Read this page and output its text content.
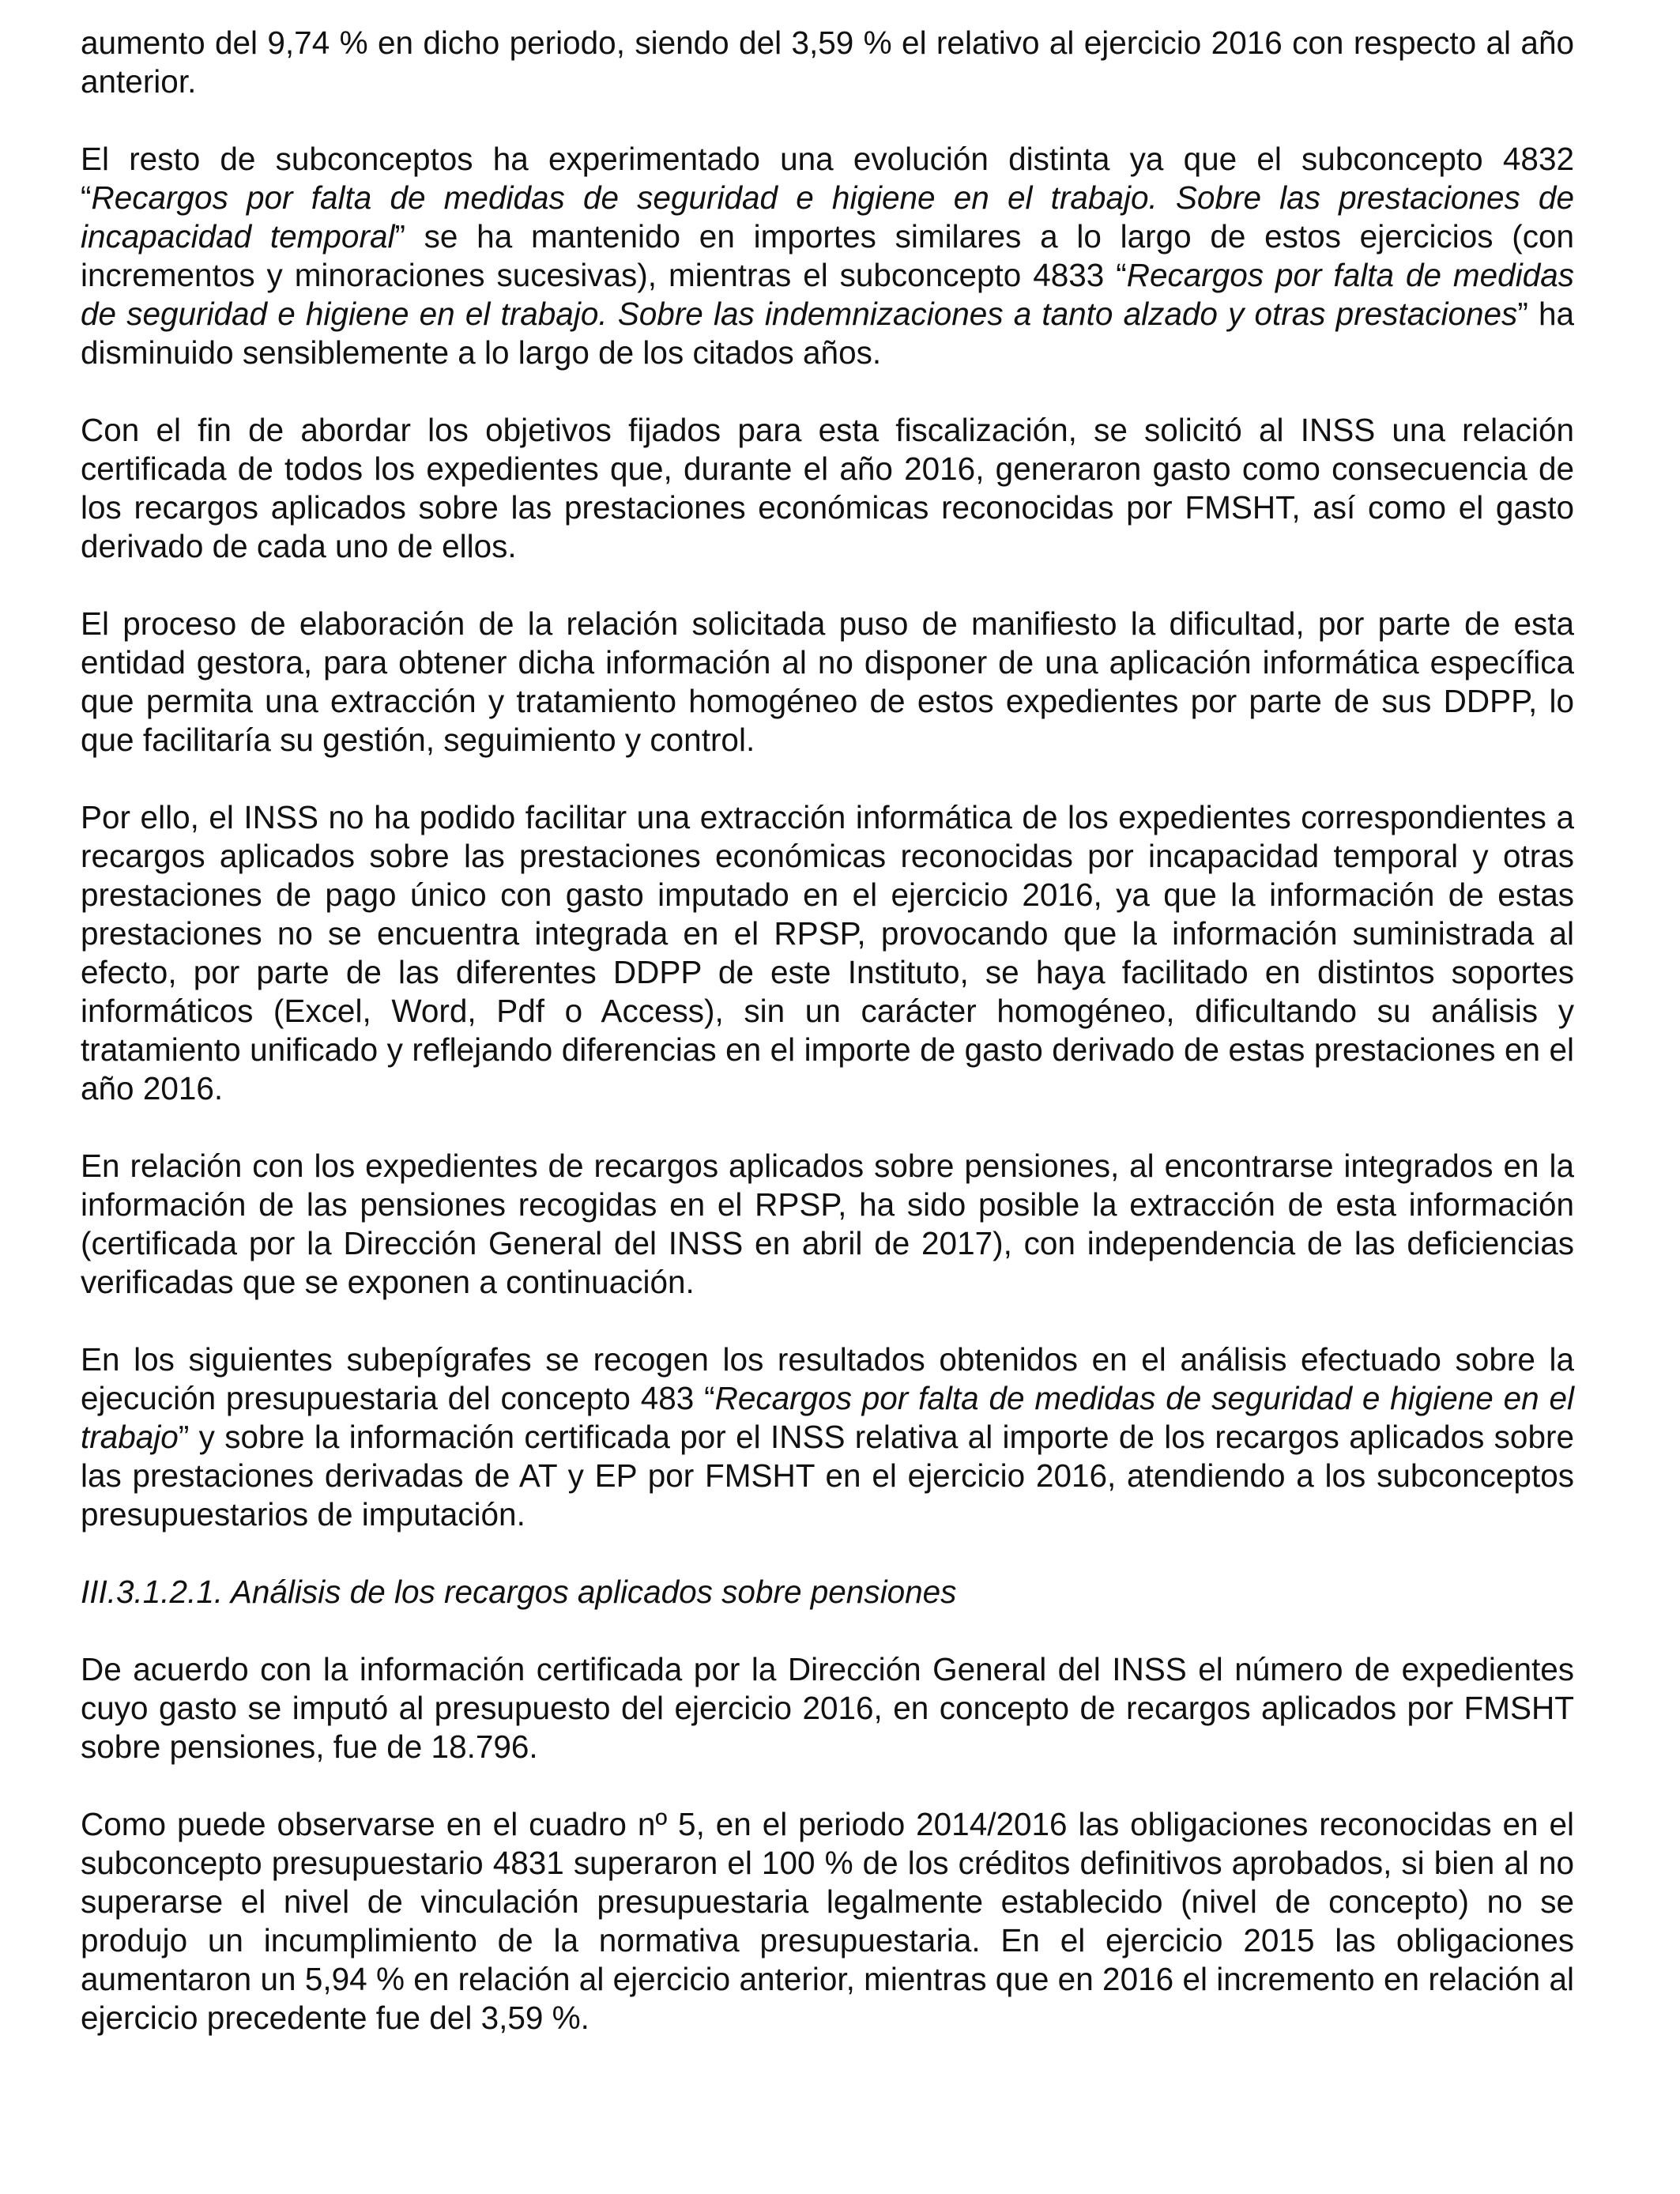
aumento del 9,74 % en dicho periodo, siendo del 3,59 % el relativo al ejercicio 2016 con respecto al año anterior.

El resto de subconceptos ha experimentado una evolución distinta ya que el subconcepto 4832 “Recargos por falta de medidas de seguridad e higiene en el trabajo. Sobre las prestaciones de incapacidad temporal” se ha mantenido en importes similares a lo largo de estos ejercicios (con incrementos y minoraciones sucesivas), mientras el subconcepto 4833 “Recargos por falta de medidas de seguridad e higiene en el trabajo. Sobre las indemnizaciones a tanto alzado y otras prestaciones” ha disminuido sensiblemente a lo largo de los citados años.

Con el fin de abordar los objetivos fijados para esta fiscalización, se solicitó al INSS una relación certificada de todos los expedientes que, durante el año 2016, generaron gasto como consecuencia de los recargos aplicados sobre las prestaciones económicas reconocidas por FMSHT, así como el gasto derivado de cada uno de ellos.

El proceso de elaboración de la relación solicitada puso de manifiesto la dificultad, por parte de esta entidad gestora, para obtener dicha información al no disponer de una aplicación informática específica que permita una extracción y tratamiento homogéneo de estos expedientes por parte de sus DDPP, lo que facilitaría su gestión, seguimiento y control.

Por ello, el INSS no ha podido facilitar una extracción informática de los expedientes correspondientes a recargos aplicados sobre las prestaciones económicas reconocidas por incapacidad temporal y otras prestaciones de pago único con gasto imputado en el ejercicio 2016, ya que la información de estas prestaciones no se encuentra integrada en el RPSP, provocando que la información suministrada al efecto, por parte de las diferentes DDPP de este Instituto, se haya facilitado en distintos soportes informáticos (Excel, Word, Pdf o Access), sin un carácter homogéneo, dificultando su análisis y tratamiento unificado y reflejando diferencias en el importe de gasto derivado de estas prestaciones en el año 2016.

En relación con los expedientes de recargos aplicados sobre pensiones, al encontrarse integrados en la información de las pensiones recogidas en el RPSP, ha sido posible la extracción de esta información (certificada por la Dirección General del INSS en abril de 2017), con independencia de las deficiencias verificadas que se exponen a continuación.

En los siguientes subepígrafes se recogen los resultados obtenidos en el análisis efectuado sobre la ejecución presupuestaria del concepto 483 “Recargos por falta de medidas de seguridad e higiene en el trabajo” y sobre la información certificada por el INSS relativa al importe de los recargos aplicados sobre las prestaciones derivadas de AT y EP por FMSHT en el ejercicio 2016, atendiendo a los subconceptos presupuestarios de imputación.

III.3.1.2.1. Análisis de los recargos aplicados sobre pensiones

De acuerdo con la información certificada por la Dirección General del INSS el número de expedientes cuyo gasto se imputó al presupuesto del ejercicio 2016, en concepto de recargos aplicados por FMSHT sobre pensiones, fue de 18.796.

Como puede observarse en el cuadro nº 5, en el periodo 2014/2016 las obligaciones reconocidas en el subconcepto presupuestario 4831 superaron el 100 % de los créditos definitivos aprobados, si bien al no superarse el nivel de vinculación presupuestaria legalmente establecido (nivel de concepto) no se produjo un incumplimiento de la normativa presupuestaria. En el ejercicio 2015 las obligaciones aumentaron un 5,94 % en relación al ejercicio anterior, mientras que en 2016 el incremento en relación al ejercicio precedente fue del 3,59 %.
